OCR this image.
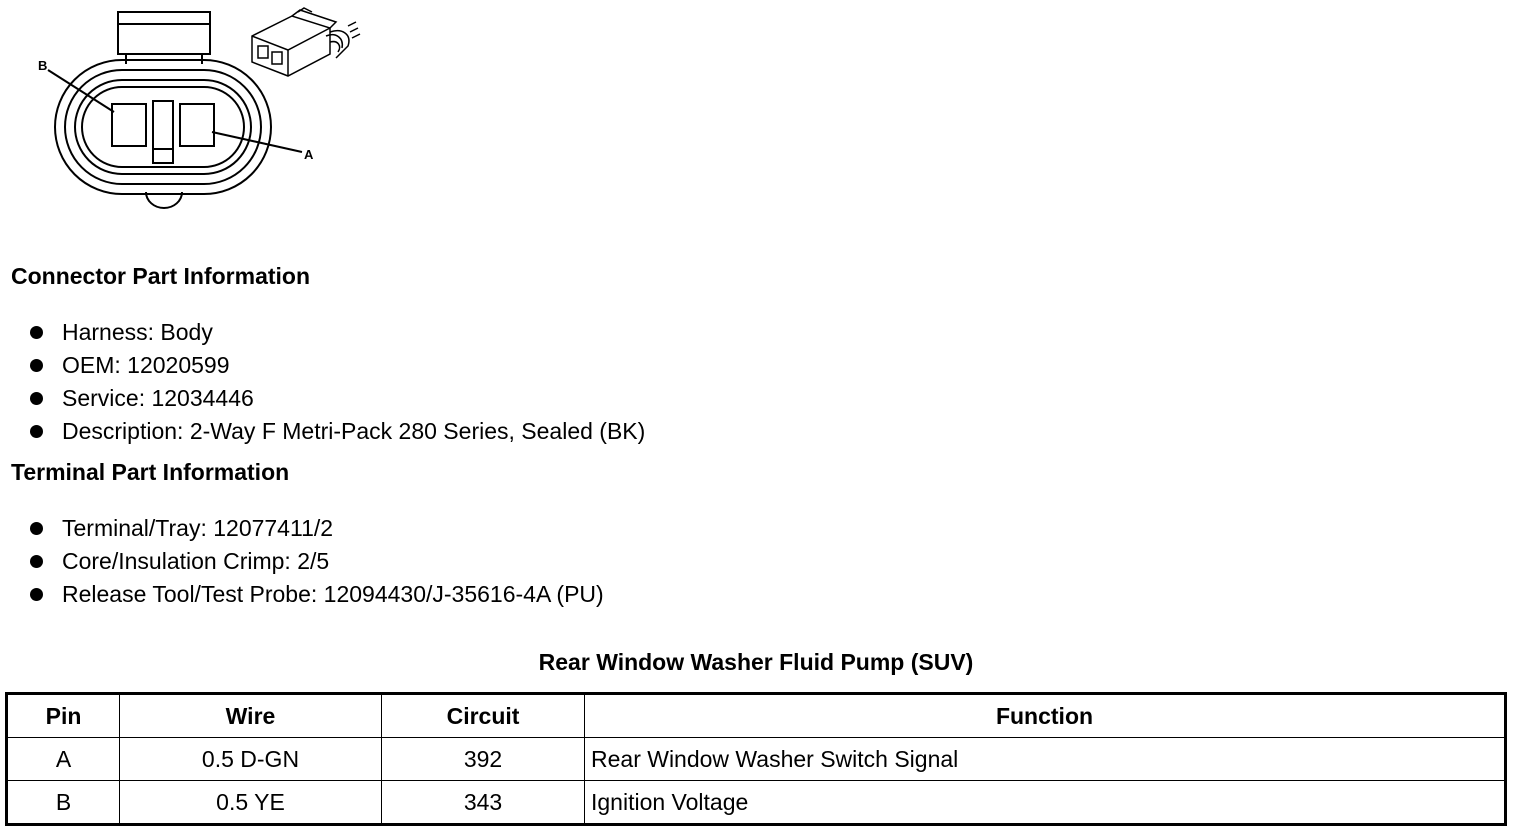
B
A
Connector Part Information
Harness: Body
OEM: 12020599
Service: 12034446
Description: 2-Way F Metri-Pack 280 Series, Sealed (BK)
Terminal Part Information
Terminal/Tray: 12077411/2
Core/Insulation Crimp: 2/5
Release Tool/Test Probe: 12094430/J-35616-4A (PU)
Rear Window Washer Fluid Pump (SUV)
Pin	Wire	Circuit	Function
A	0.5 D-GN	392	Rear Window Washer Switch Signal
B	0.5 YE	343	Ignition Voltage
